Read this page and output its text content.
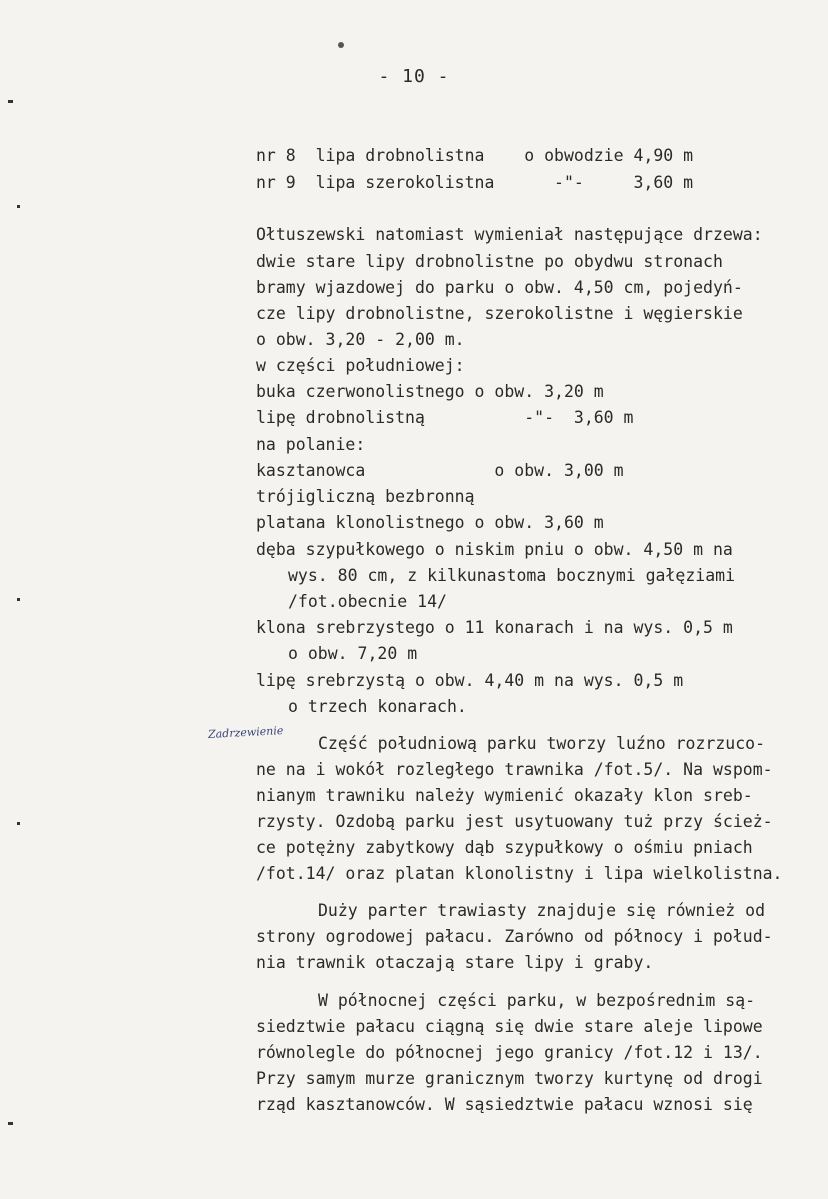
- 10 -
Zadrzewienie
nr 8  lipa drobnolistna    o obwodzie 4,90 m
nr 9  lipa szerokolistna      -"-     3,60 m
Ołtuszewski natomiast wymieniał następujące drzewa:
dwie stare lipy drobnolistne po obydwu stronach
bramy wjazdowej do parku o obw. 4,50 cm, pojedyń-
cze lipy drobnolistne, szerokolistne i węgierskie
o obw. 3,20 - 2,00 m.
w części południowej:
buka czerwonolistnego o obw. 3,20 m
lipę drobnolistną          -"-  3,60 m
na polanie:
kasztanowca             o obw. 3,00 m
trójigliczną bezbronną
platana klonolistnego o obw. 3,60 m
dęba szypułkowego o niskim pniu o obw. 4,50 m na
wys. 80 cm, z kilkunastoma bocznymi gałęziami
/fot.obecnie 14/
klona srebrzystego o 11 konarach i na wys. 0,5 m
o obw. 7,20 m
lipę srebrzystą o obw. 4,40 m na wys. 0,5 m
o trzech konarach.
Część południową parku tworzy luźno rozrzuco-
ne na i wokół rozległego trawnika /fot.5/. Na wspom-
nianym trawniku należy wymienić okazały klon sreb-
rzysty. Ozdobą parku jest usytuowany tuż przy ścież-
ce potężny zabytkowy dąb szypułkowy o ośmiu pniach
/fot.14/ oraz platan klonolistny i lipa wielkolistna.
Duży parter trawiasty znajduje się również od
strony ogrodowej pałacu. Zarówno od północy i połud-
nia trawnik otaczają stare lipy i graby.
W północnej części parku, w bezpośrednim są-
siedztwie pałacu ciągną się dwie stare aleje lipowe
równolegle do północnej jego granicy /fot.12 i 13/.
Przy samym murze granicznym tworzy kurtynę od drogi
rząd kasztanowców. W sąsiedztwie pałacu wznosi się
